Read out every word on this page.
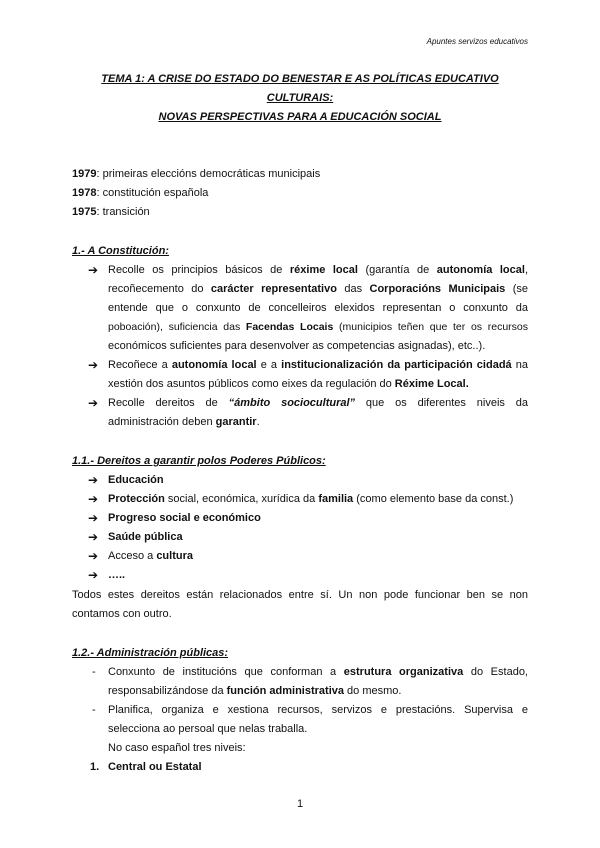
Apuntes servizos educativos
TEMA 1: A CRISE DO ESTADO DO BENESTAR E AS POLÍTICAS EDUCATIVO
CULTURAIS:
NOVAS PERSPECTIVAS PARA A EDUCACIÓN SOCIAL
1979: primeiras eleccións democráticas municipais
1978: constitución española
1975: transición
1.- A Constitución:
➔ Recolle os principios básicos de réxime local (garantía de autonomía local,
recoñecemento do carácter representativo das Corporacións Municipais (se
entende que o conxunto de concelleiros elexidos representan o conxunto da
poboación), suficiencia das Facendas Locais (municipios teñen que ter os recursos
económicos suficientes para desenvolver as competencias asignadas), etc..).
➔ Recoñece a autonomía local e a institucionalización da participación cidadá na
xestión dos asuntos públicos como eixes da regulación do Réxime Local.
➔ Recolle dereitos de “ámbito sociocultural” que os diferentes niveis da
administración deben garantir.
1.1.- Dereitos a garantir polos Poderes Públicos:
➔ Educación
➔ Protección social, económica, xurídica da familia (como elemento base da const.)
➔ Progreso social e económico
➔ Saúde pública
➔ Acceso a cultura
➔ …..
Todos estes dereitos están relacionados entre sí. Un non pode funcionar ben se non
contamos con outro.
1.2.- Administración públicas:
- Conxunto de institucións que conforman a estrutura organizativa do Estado,
responsabilizándose da función administrativa do mesmo.
- Planifica, organiza e xestiona recursos, servizos e prestacións. Supervisa e
selecciona ao persoal que nelas traballa.
No caso español tres niveis:
1. Central ou Estatal
1
